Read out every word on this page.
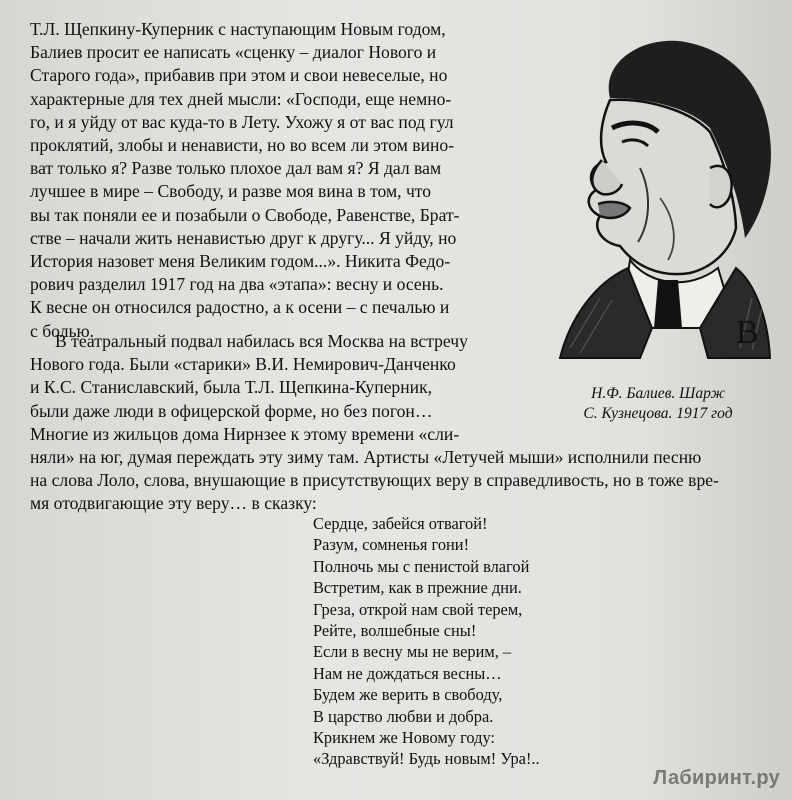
Т.Л. Щепкину-Куперник с наступающим Новым годом,
Балиев просит ее написать «сценку – диалог Нового и
Старого года», прибавив при этом и свои невеселые, но
характерные для тех дней мысли: «Господи, еще немно-
го, и я уйду от вас куда-то в Лету. Ухожу я от вас под гул
проклятий, злобы и ненависти, но во всем ли этом вино-
ват только я? Разве только плохое дал вам я? Я дал вам
лучшее в мире – Свободу, и разве моя вина в том, что
вы так поняли ее и позабыли о Свободе, Равенстве, Брат-
стве – начали жить ненавистью друг к другу... Я уйду, но
История назовет меня Великим годом...». Никита Федо-
рович разделил 1917 год на два «этапа»: весну и осень.
К весне он относился радостно, а к осени – с печалью и
с болью.
В театральный подвал набилась вся Москва на встречу
Нового года. Были «старики» В.И. Немирович-Данченко
и К.С. Станиславский, была Т.Л. Щепкина-Куперник,
были даже люди в офицерской форме, но без погон…
Многие из жильцов дома Нирнзее к этому времени «сли-
няли» на юг, думая переждать эту зиму там. Артисты «Летучей мыши» исполнили песню
на слова Лоло, слова, внушающие в присутствующих веру в справедливость, но в тоже вре-
мя отодвигающие эту веру… в сказку:
В
Н.Ф. Балиев. Шарж
С. Кузнецова. 1917 год
Сердце, забейся отвагой!
Разум, сомненья гони!
Полночь мы с пенистой влагой
Встретим, как в прежние дни.
Греза, открой нам свой терем,
Рейте, волшебные сны!
Если в весну мы не верим, –
Нам не дождаться весны…
Будем же верить в свободу,
В царство любви и добра.
Крикнем же Новому году:
«Здравствуй! Будь новым! Ура!..
Лабиринт.ру
